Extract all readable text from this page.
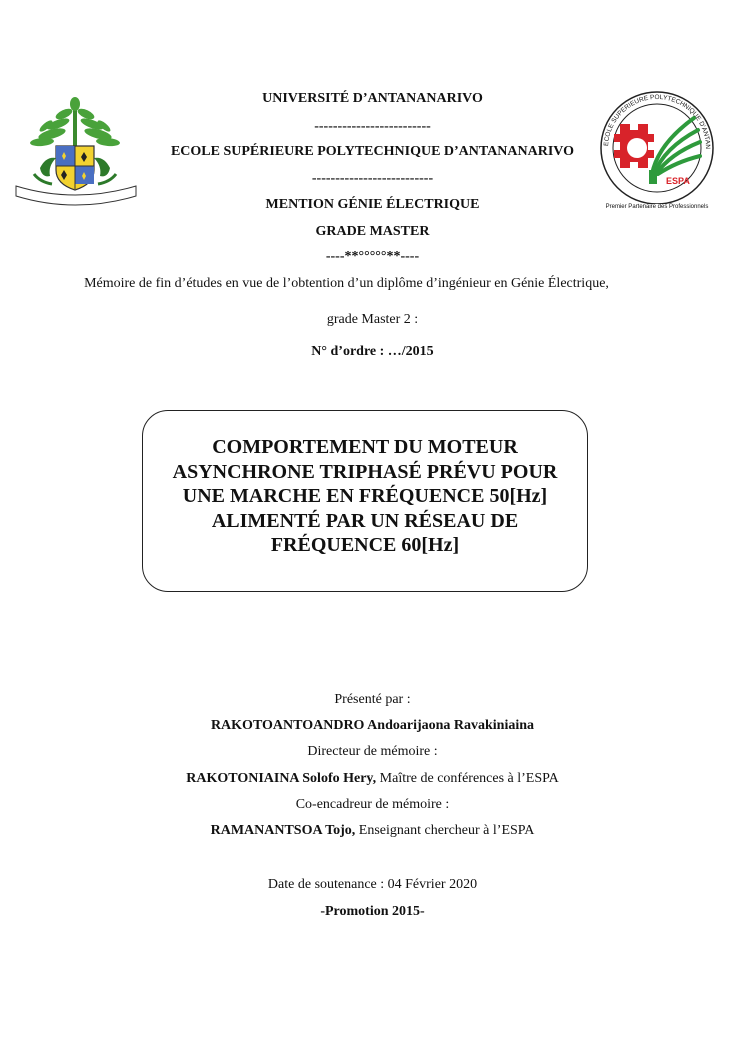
ESPA
ECOLE SUPERIEURE POLYTECHNIQUE D'ANTAN
Premier Partenaire des Professionnels
UNIVERSITÉ D’ANTANANARIVO
-------------------------
ECOLE SUPÉRIEURE POLYTECHNIQUE D’ANTANANARIVO
--------------------------
MENTION GÉNIE ÉLECTRIQUE
GRADE MASTER
----**°°°°°**----
Mémoire de fin d’études en vue de l’obtention d’un diplôme d’ingénieur en Génie Électrique,
grade Master 2 :
N° d’ordre : …/2015
COMPORTEMENT DU MOTEUR
ASYNCHRONE TRIPHASÉ PRÉVU POUR
UNE MARCHE EN FRÉQUENCE 50[Hz]
ALIMENTÉ PAR UN RÉSEAU DE
FRÉQUENCE 60[Hz]
Présenté par :
RAKOTOANTOANDRO Andoarijaona Ravakiniaina
Directeur de mémoire :
RAKOTONIAINA Solofo Hery, Maître de conférences à l’ESPA
Co-encadreur de mémoire :
RAMANANTSOA Tojo, Enseignant chercheur à l’ESPA
Date de soutenance : 04 Février 2020
-Promotion 2015-
